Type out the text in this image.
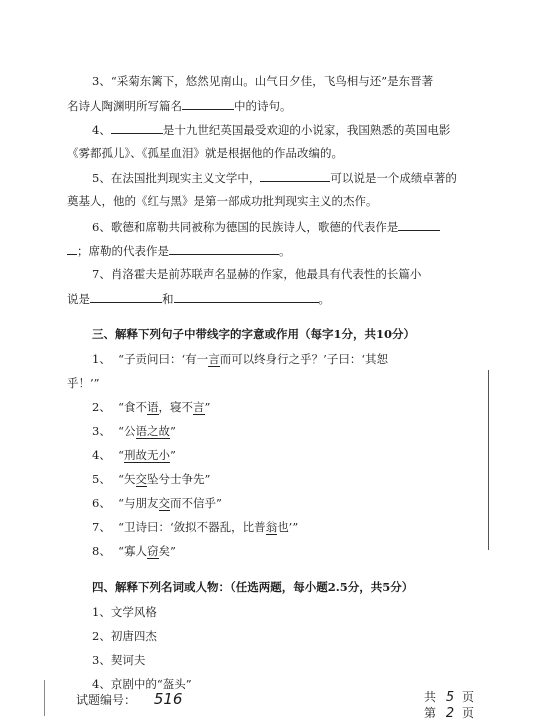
3、“采菊东篱下，悠然见南山。山气日夕佳，飞鸟相与还”是东晋著
名诗人陶渊明所写篇名	中的诗句。
4、	是十九世纪英国最受欢迎的小说家，我国熟悉的英国电影
《雾都孤儿》、《孤星血泪》就是根据他的作品改编的。
5、在法国批判现实主义文学中，	可以说是一个成绩卓著的
奠基人，他的《红与黑》是第一部成功批判现实主义的杰作。
6、歌德和席勒共同被称为德国的民族诗人，歌德的代表作是
；席勒的代表作是	。
7、肖洛霍夫是前苏联声名显赫的作家，他最具有代表性的长篇小
说是	和	。
三、解释下列句子中带线字的字意或作用（每字1分，共10分）
1、 “子贡问曰：‘有一言而可以终身行之乎？’子曰：‘其恕
乎！’”
2、 “食不语，寝不言”
3、 “公语之故”
4、 “刑故无小”
5、 “矢交坠兮士争先”
6、 “与朋友交而不信乎”
7、 “卫诗曰：‘敛拟不器乱，比普翁也’”
8、 “寡人窃矣”
四、解释下列名词或人物：（任选两题，每小题2.5分，共5分）
1、文学风格
2、初唐四杰
3、契诃夫
4、京剧中的“盔头”
试题编号： 516	共 5 页
第 2 页
